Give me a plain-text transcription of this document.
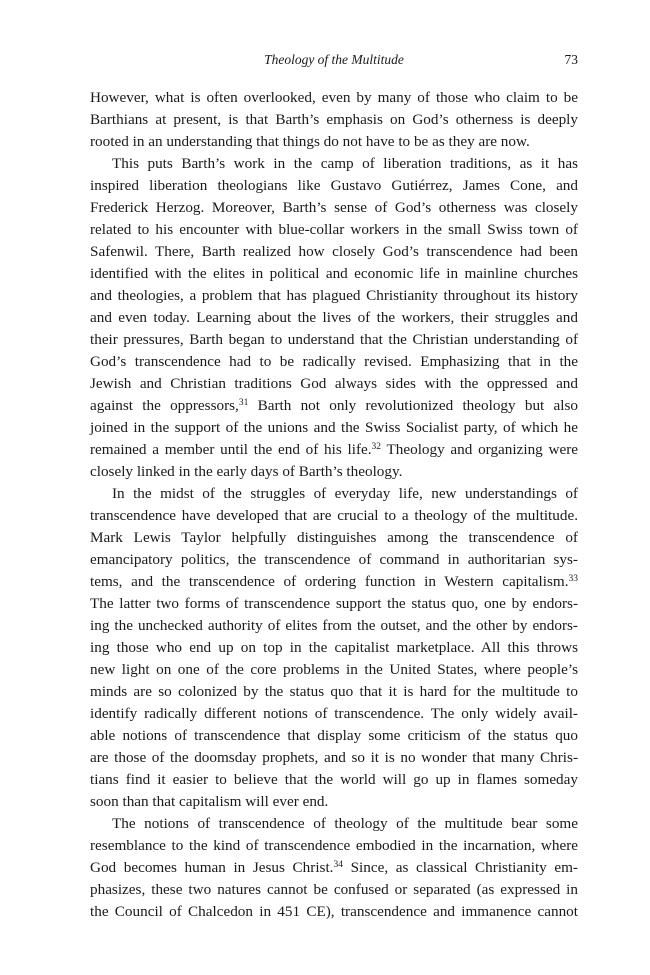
Theology of the Multitude	73
However, what is often overlooked, even by many of those who claim to be
Barthians at present, is that Barth’s emphasis on God’s otherness is deeply
rooted in an understanding that things do not have to be as they are now.
This puts Barth’s work in the camp of liberation traditions, as it has
inspired liberation theologians like Gustavo Gutiérrez, James Cone, and
Frederick Herzog. Moreover, Barth’s sense of God’s otherness was closely
related to his encounter with blue-collar workers in the small Swiss town of
Safenwil. There, Barth realized how closely God’s transcendence had been
identified with the elites in political and economic life in mainline churches
and theologies, a problem that has plagued Christianity throughout its history
and even today. Learning about the lives of the workers, their struggles and
their pressures, Barth began to understand that the Christian understanding of
God’s transcendence had to be radically revised. Emphasizing that in the
Jewish and Christian traditions God always sides with the oppressed and
against the oppressors,$^{31}$ Barth not only revolutionized theology but also
joined in the support of the unions and the Swiss Socialist party, of which he
remained a member until the end of his life.$^{32}$ Theology and organizing were
closely linked in the early days of Barth’s theology.
In the midst of the struggles of everyday life, new understandings of
transcendence have developed that are crucial to a theology of the multitude.
Mark Lewis Taylor helpfully distinguishes among the transcendence of
emancipatory politics, the transcendence of command in authoritarian sys-
tems, and the transcendence of ordering function in Western capitalism.$^{33}$
The latter two forms of transcendence support the status quo, one by endors-
ing the unchecked authority of elites from the outset, and the other by endors-
ing those who end up on top in the capitalist marketplace. All this throws
new light on one of the core problems in the United States, where people’s
minds are so colonized by the status quo that it is hard for the multitude to
identify radically different notions of transcendence. The only widely avail-
able notions of transcendence that display some criticism of the status quo
are those of the doomsday prophets, and so it is no wonder that many Chris-
tians find it easier to believe that the world will go up in flames someday
soon than that capitalism will ever end.
The notions of transcendence of theology of the multitude bear some
resemblance to the kind of transcendence embodied in the incarnation, where
God becomes human in Jesus Christ.$^{34}$ Since, as classical Christianity em-
phasizes, these two natures cannot be confused or separated (as expressed in
the Council of Chalcedon in 451 CE), transcendence and immanence cannot
